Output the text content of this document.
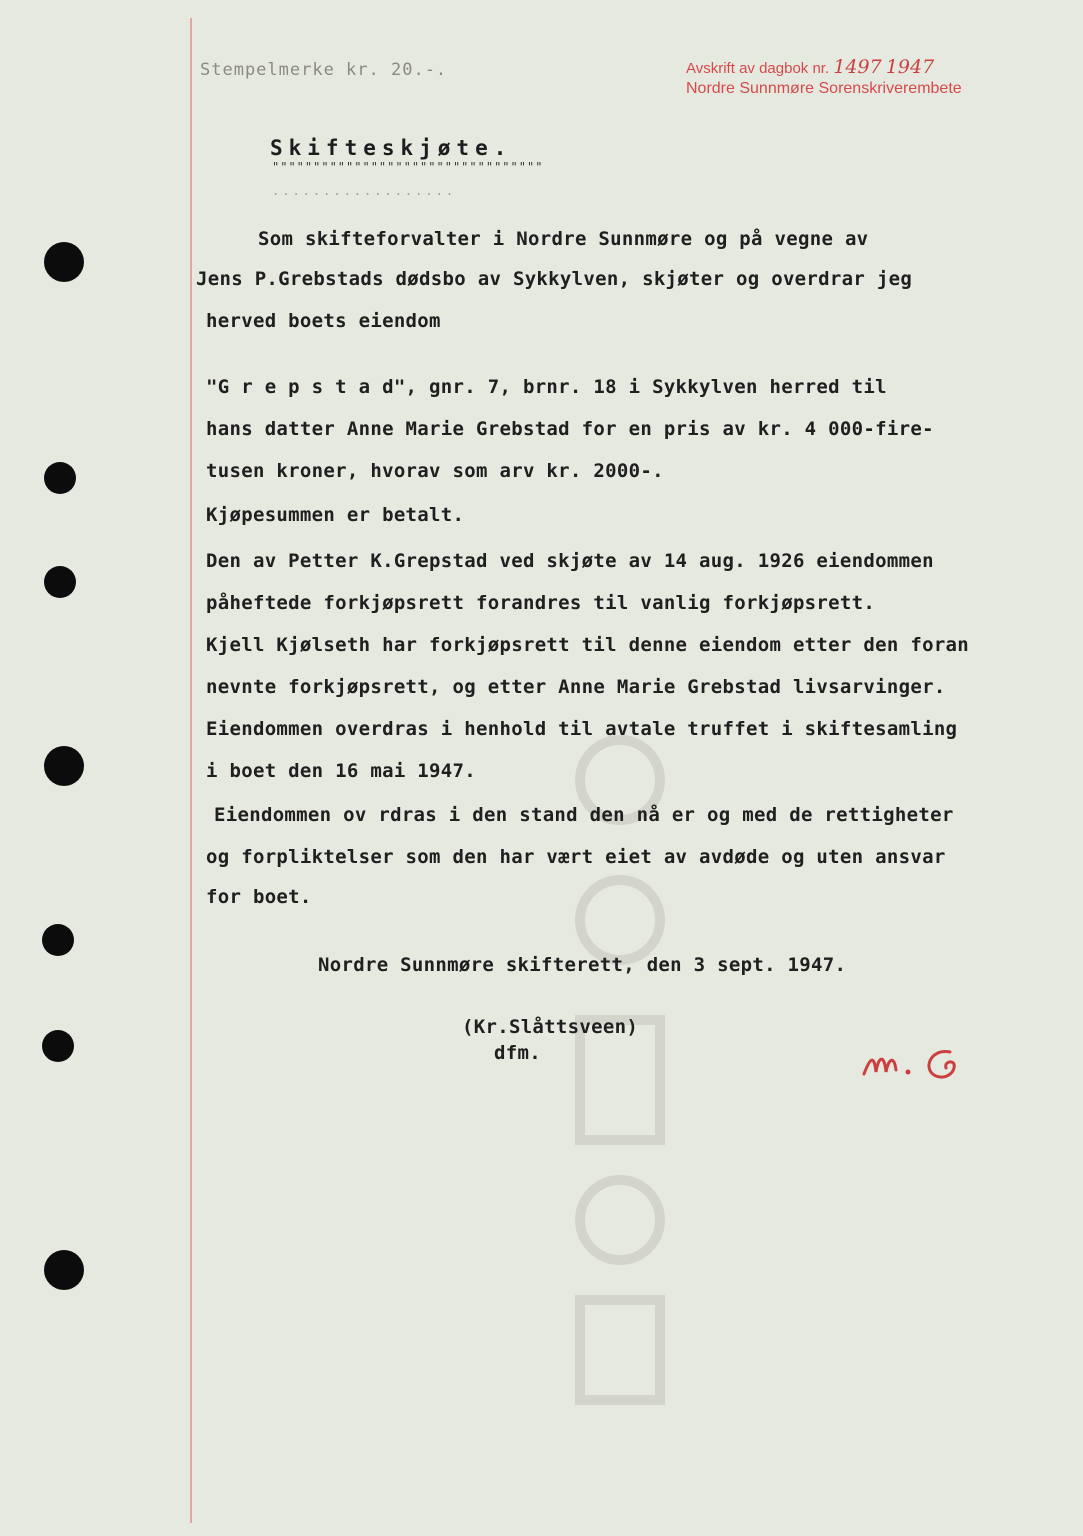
Stempelmerke kr. 20.-.	Avskrift av dagbok nr. 1497 1947
Nordre Sunnmøre Sorenskriverembete
Skifteskjøte.
"""""""""""""""""""""""""""""""""
..................
Som skifteforvalter i Nordre Sunnmøre og på vegne av
Jens P.Grebstads dødsbo av Sykkylven, skjøter og overdrar jeg
herved boets eiendom
"G r e p s t a d", gnr. 7, brnr. 18 i Sykkylven herred til
hans datter Anne Marie Grebstad for en pris av kr. 4 000-fire-
tusen kroner, hvorav som arv kr. 2000-.
Kjøpesummen er betalt.
Den av Petter K.Grepstad ved skjøte av 14 aug. 1926 eiendommen
påheftede forkjøpsrett forandres til vanlig forkjøpsrett.
Kjell Kjølseth har forkjøpsrett til denne eiendom etter den foran
nevnte forkjøpsrett, og etter Anne Marie Grebstad livsarvinger.
Eiendommen overdras i henhold til avtale truffet i skiftesamling
i boet den 16 mai 1947.
Eiendommen ov rdras i den stand den nå er og med de rettigheter
og forpliktelser som den har vært eiet av avdøde og uten ansvar
for boet.
Nordre Sunnmøre skifterett, den 3 sept. 1947.
(Kr.Slåttsveen)
dfm.
